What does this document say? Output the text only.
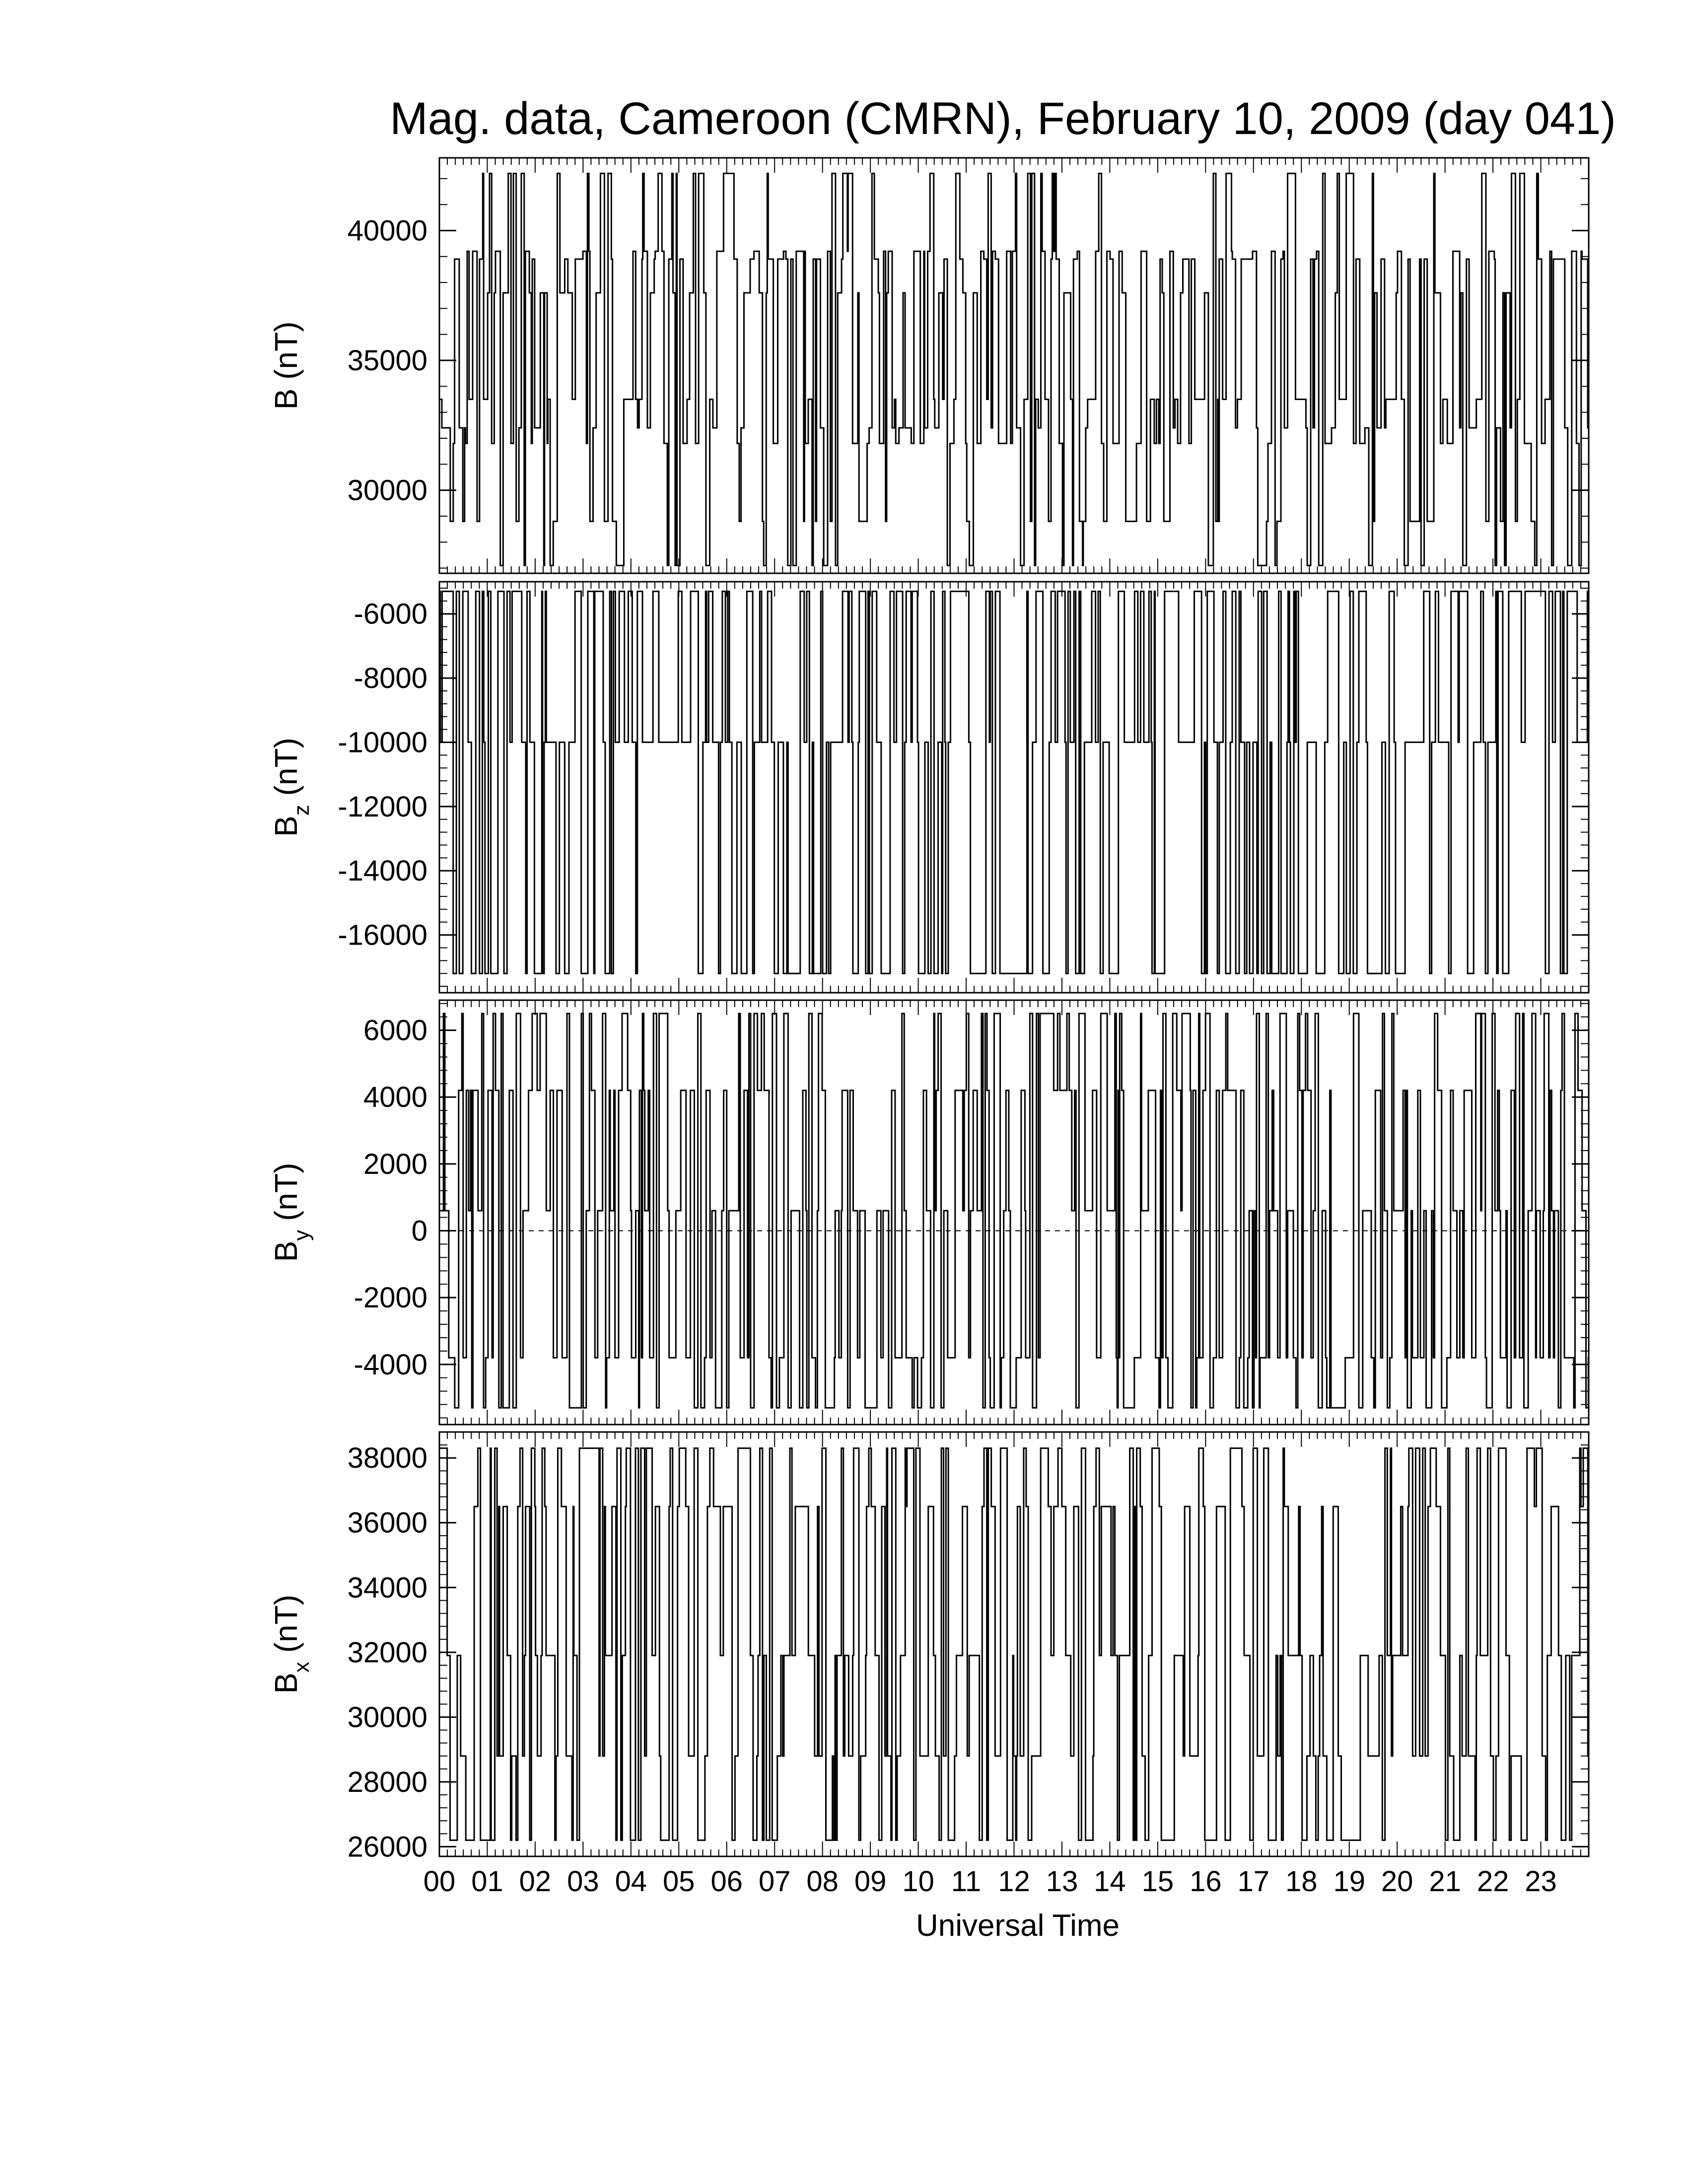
Mag. data, Cameroon (CMRN), February 10, 2009 (day 041)
30000
35000
40000
B (nT)
-16000
-14000
-12000
-10000
-8000
-6000
$B_z$ (nT)
-4000
-2000
0
2000
4000
6000
$B_y$ (nT)
26000
28000
30000
32000
34000
36000
38000
$B_x$ (nT)
00 01 02 03 04 05 06 07 08 09 10 11 12 13 14 15 16 17 18 19 20 21 22 23
Universal Time
